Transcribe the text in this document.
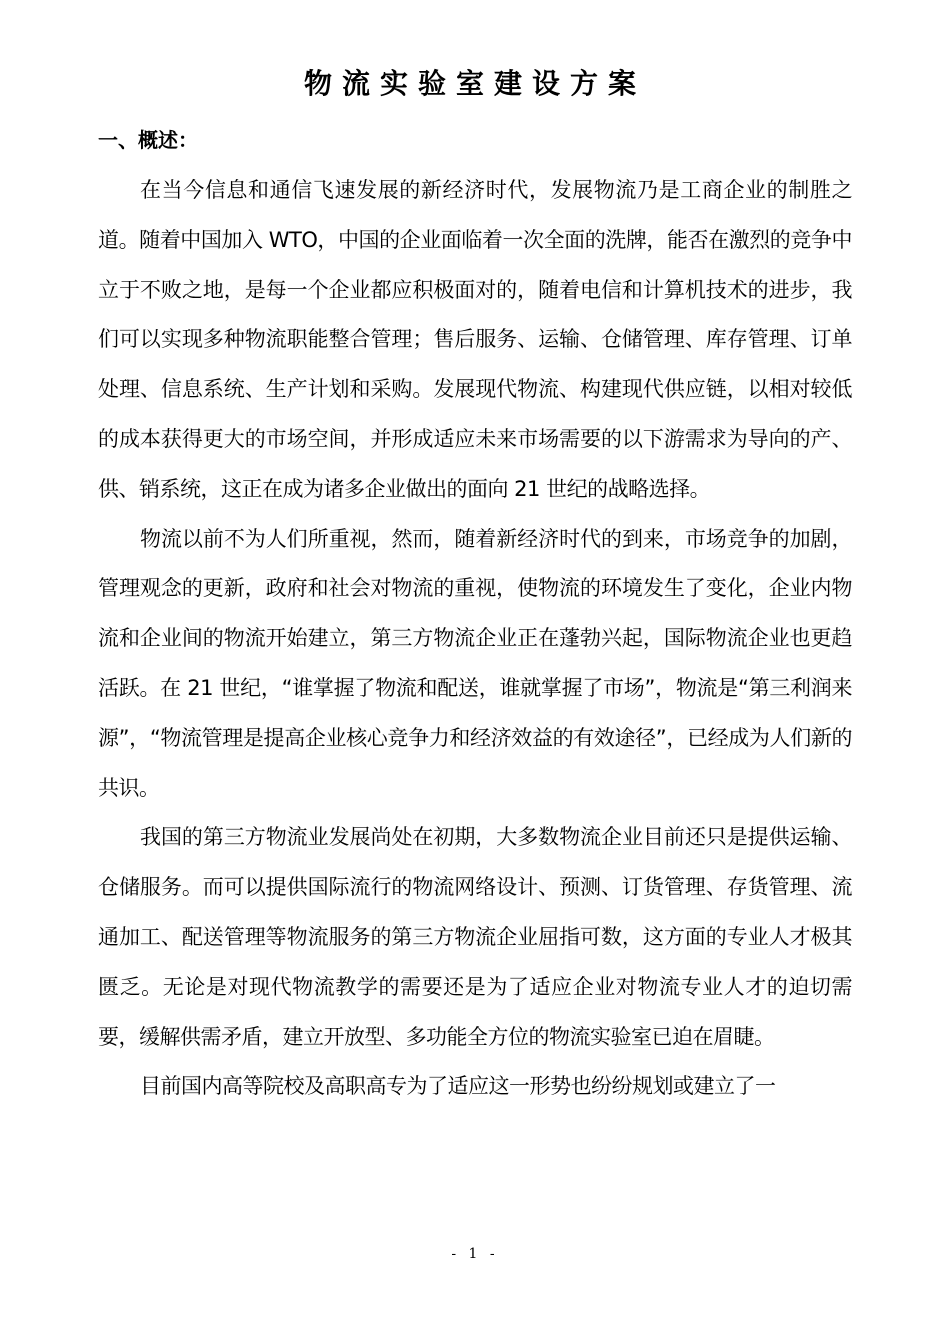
物流实验室建设方案
一、概述：

在当今信息和通信飞速发展的新经济时代，发展物流乃是工商企业的制胜之道。随着中国加入 WTO，中国的企业面临着一次全面的洗牌，能否在激烈的竞争中立于不败之地，是每一个企业都应积极面对的，随着电信和计算机技术的进步，我们可以实现多种物流职能整合管理；售后服务、运输、仓储管理、库存管理、订单处理、信息系统、生产计划和采购。发展现代物流、构建现代供应链，以相对较低的成本获得更大的市场空间，并形成适应未来市场需要的以下游需求为导向的产、供、销系统，这正在成为诸多企业做出的面向 21 世纪的战略选择。

物流以前不为人们所重视，然而，随着新经济时代的到来，市场竞争的加剧，管理观念的更新，政府和社会对物流的重视，使物流的环境发生了变化，企业内物流和企业间的物流开始建立，第三方物流企业正在蓬勃兴起，国际物流企业也更趋活跃。在 21 世纪，“谁掌握了物流和配送，谁就掌握了市场”，物流是“第三利润来源”，“物流管理是提高企业核心竞争力和经济效益的有效途径”，已经成为人们新的共识。

我国的第三方物流业发展尚处在初期，大多数物流企业目前还只是提供运输、仓储服务。而可以提供国际流行的物流网络设计、预测、订货管理、存货管理、流通加工、配送管理等物流服务的第三方物流企业屈指可数，这方面的专业人才极其匮乏。无论是对现代物流教学的需要还是为了适应企业对物流专业人才的迫切需要，缓解供需矛盾，建立开放型、多功能全方位的物流实验室已迫在眉睫。

目前国内高等院校及高职高专为了适应这一形势也纷纷规划或建立了一

- 1 -
